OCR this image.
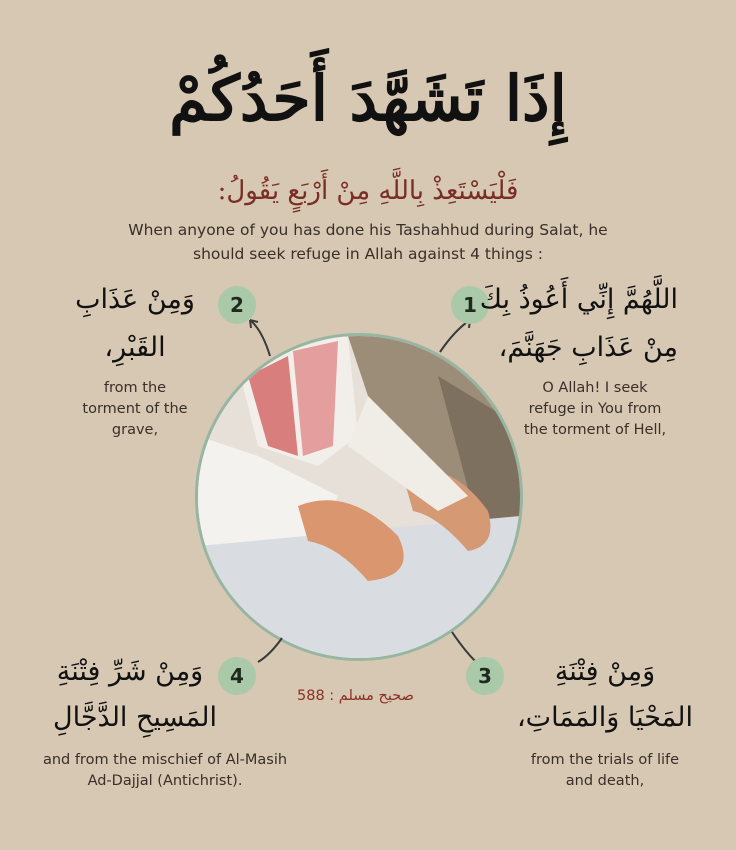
إِذَا تَشَهَّدَ أَحَدُكُمْ
فَلْيَسْتَعِذْ بِاللَّهِ مِنْ أَرْبَعٍ يَقُولُ:
When anyone of you has done his Tashahhud during Salat, he should seek refuge in Allah against 4 things :
1 اللَّهُمَّ إِنِّي أَعُوذُ بِكَ
مِنْ عَذَابِ جَهَنَّمَ،
O Allah! I seek refuge in You from the torment of Hell,
2
وَمِنْ عَذَابِ
القَبْرِ،
from the torment of the grave,
3	وَمِنْ فِتْنَةِ
المَحْيَا وَالمَمَاتِ،
from the trials of life and death,
4
وَمِنْ شَرِّ فِتْنَةِ
المَسِيحِ الدَّجَّالِ
and from the mischief of Al-Masih Ad-Dajjal (Antichrist).
صحيح مسلم : 588
